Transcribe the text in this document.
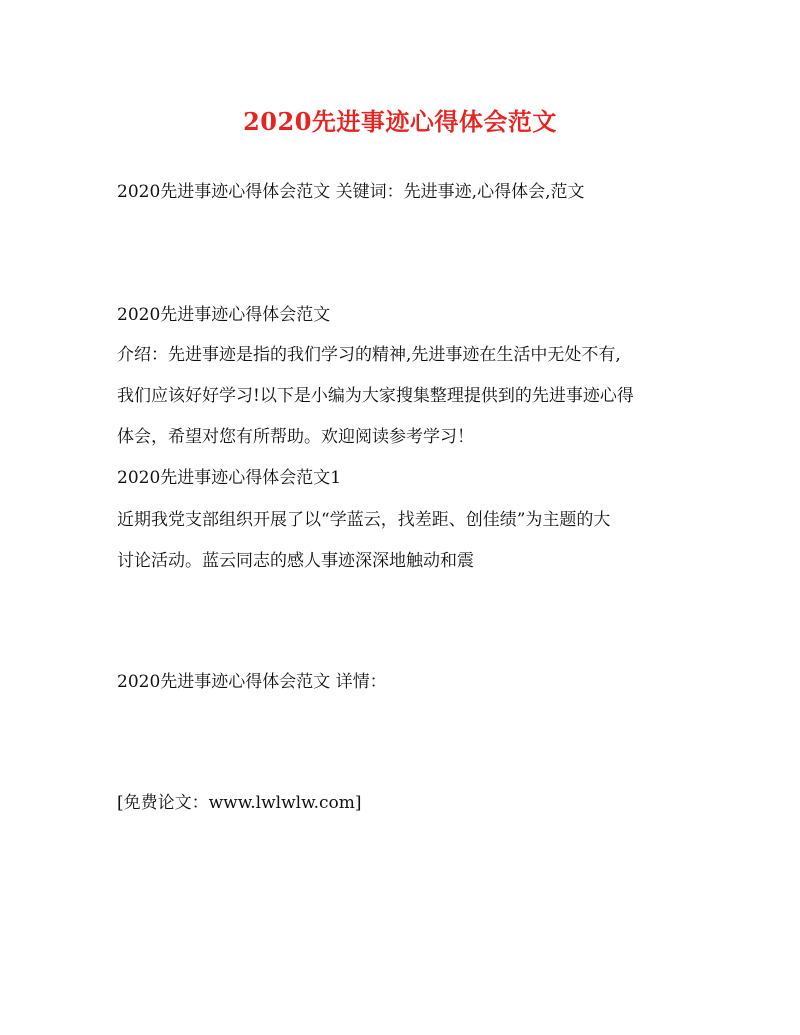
2020先进事迹心得体会范文
2020先进事迹心得体会范文 关键词：先进事迹,心得体会,范文
2020先进事迹心得体会范文
介绍：先进事迹是指的我们学习的精神,先进事迹在生活中无处不有,
我们应该好好学习!以下是小编为大家搜集整理提供到的先进事迹心得
体会，希望对您有所帮助。欢迎阅读参考学习！
2020先进事迹心得体会范文1
近期我党支部组织开展了以“学蓝云，找差距、创佳绩”为主题的大
讨论活动。蓝云同志的感人事迹深深地触动和震
2020先进事迹心得体会范文 详情：
[免费论文：www.lwlwlw.com]
